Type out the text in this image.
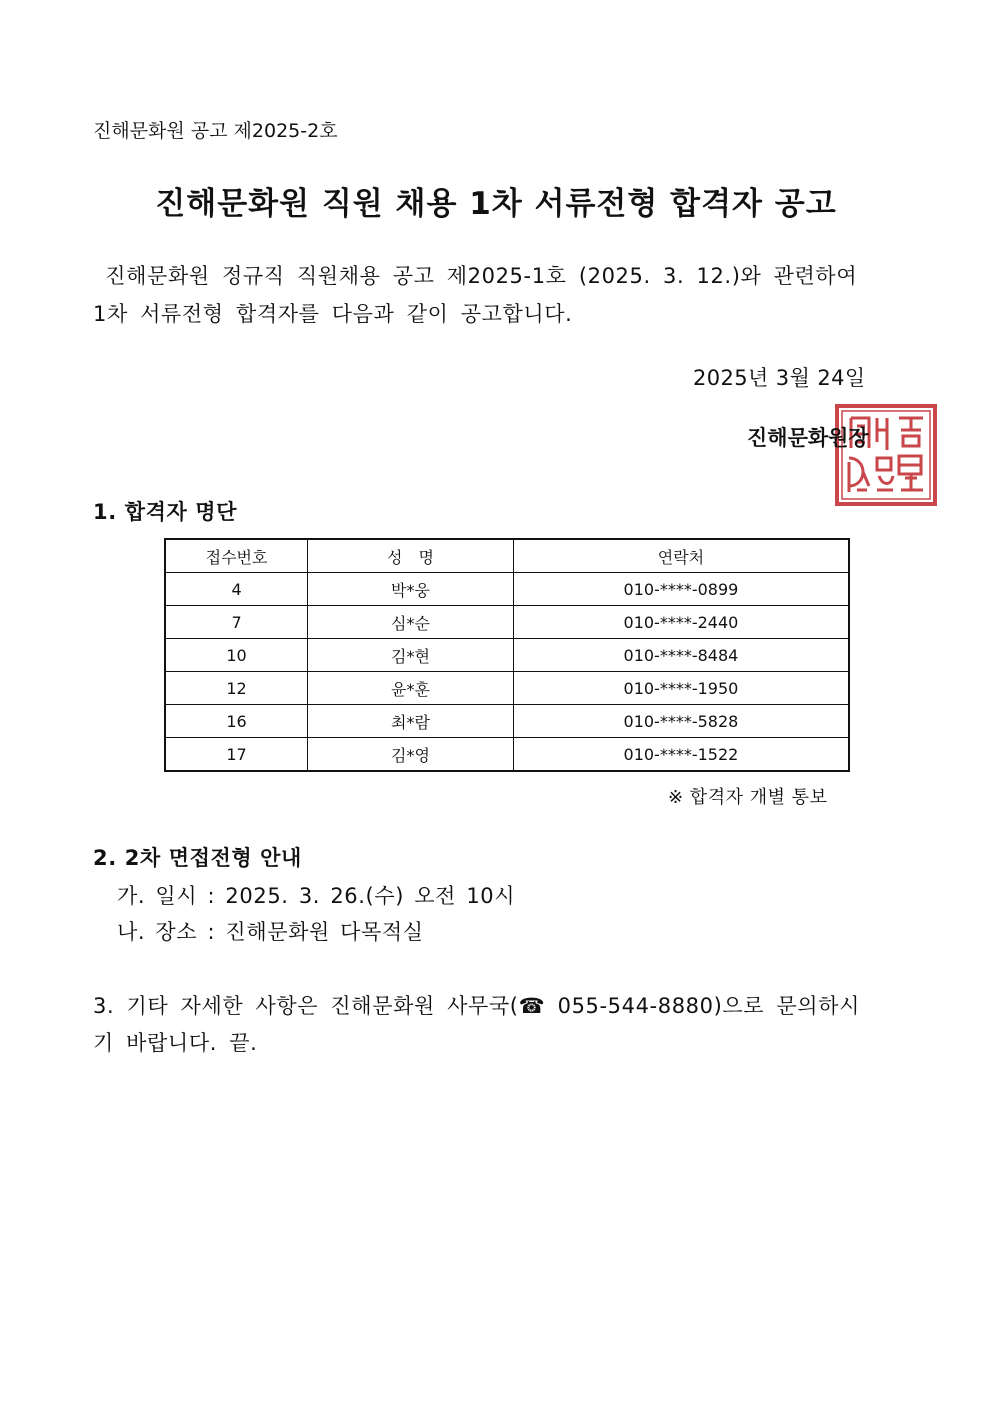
진해문화원 공고 제2025-2호
진해문화원 직원 채용 1차 서류전형 합격자 공고
진해문화원 정규직 직원채용 공고 제2025-1호 (2025. 3. 12.)와 관련하여
1차 서류전형 합격자를 다음과 같이 공고합니다.
2025년 3월 24일
진해문화원장
1. 합격자 명단
접수번호	성　명	연락처
4	박*웅	010-****-0899
7	심*순	010-****-2440
10	김*현	010-****-8484
12	윤*훈	010-****-1950
16	최*람	010-****-5828
17	김*영	010-****-1522
※ 합격자 개별 통보
2. 2차 면접전형 안내
가. 일시 : 2025. 3. 26.(수) 오전 10시
나. 장소 : 진해문화원 다목적실
3. 기타 자세한 사항은 진해문화원 사무국(☎ 055-544-8880)으로 문의하시
기 바랍니다. 끝.
